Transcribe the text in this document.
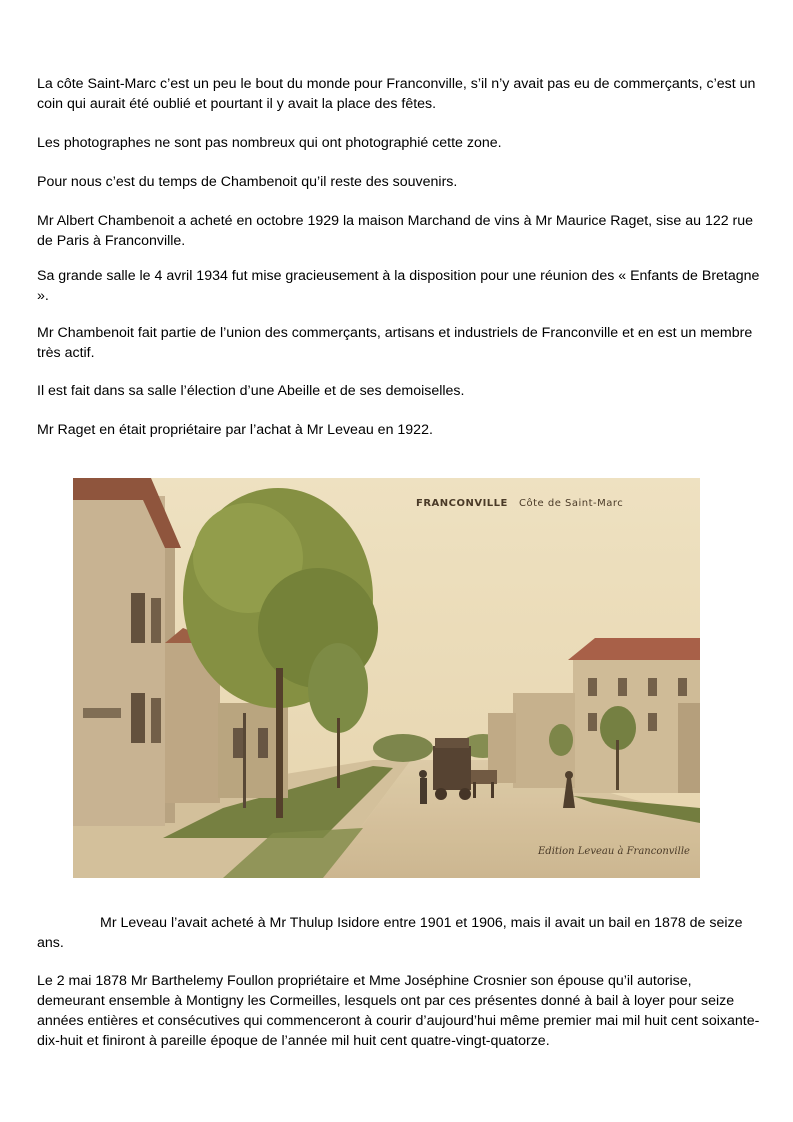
La côte Saint-Marc c’est un peu le bout du monde pour Franconville, s’il n’y avait pas eu de commerçants, c’est un coin qui aurait été oublié et pourtant il y avait la place des fêtes.

Les photographes ne sont pas nombreux qui ont photographié cette zone.

Pour nous c’est du temps de Chambenoit qu’il reste des souvenirs.

Mr Albert Chambenoit a acheté en octobre 1929 la maison Marchand de vins à Mr Maurice Raget, sise au 122 rue de Paris à Franconville.

Sa grande salle le 4 avril 1934 fut mise gracieusement à la disposition pour une réunion des « Enfants de Bretagne ».

Mr Chambenoit fait partie de l’union des commerçants, artisans et industriels de Franconville et en est un membre très actif.

Il est fait dans sa salle l’élection d’une Abeille et de ses demoiselles.

Mr Raget en était propriétaire par l’achat à Mr Leveau en 1922.

FRANCONVILLE Côte de Saint-Marc
Edition Leveau à Franconville

Mr Leveau l’avait acheté à Mr Thulup Isidore entre 1901 et 1906, mais il avait un bail en 1878 de seize ans.

Le 2 mai 1878 Mr Barthelemy Foullon propriétaire et Mme Joséphine Crosnier son épouse qu’il autorise, demeurant ensemble à Montigny les Cormeilles, lesquels ont par ces présentes donné à bail à loyer pour seize années entières et consécutives qui commenceront à courir d’aujourd’hui même premier mai mil huit cent soixante-dix-huit et finiront à pareille époque de l’année mil huit cent quatre-vingt-quatorze.
